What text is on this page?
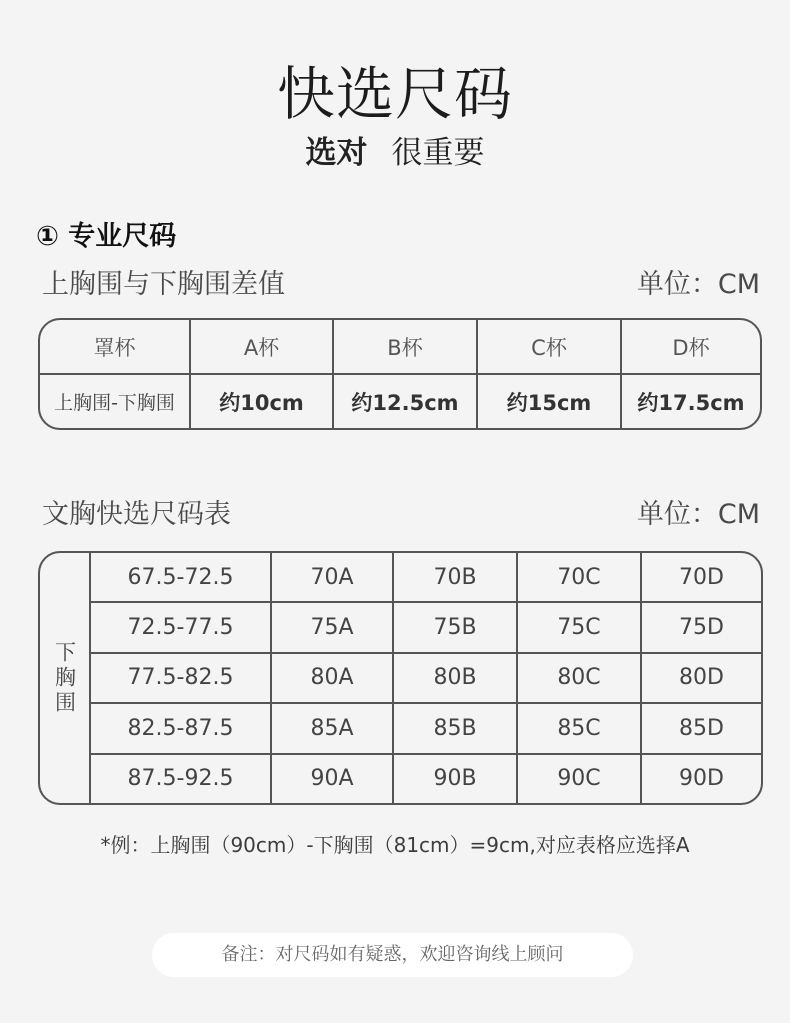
快选尺码
选对 很重要
① 专业尺码
上胸围与下胸围差值	单位：CM
罩杯	A杯	B杯	C杯	D杯
上胸围-下胸围	约10cm	约12.5cm	约15cm	约17.5cm
文胸快选尺码表	单位：CM
下胸围
67.5-72.5	70A	70B	70C	70D
72.5-77.5	75A	75B	75C	75D
77.5-82.5	80A	80B	80C	80D
82.5-87.5	85A	85B	85C	85D
87.5-92.5	90A	90B	90C	90D
*例：上胸围（90cm）-下胸围（81cm）=9cm,对应表格应选择A
备注：对尺码如有疑惑，欢迎咨询线上顾问
